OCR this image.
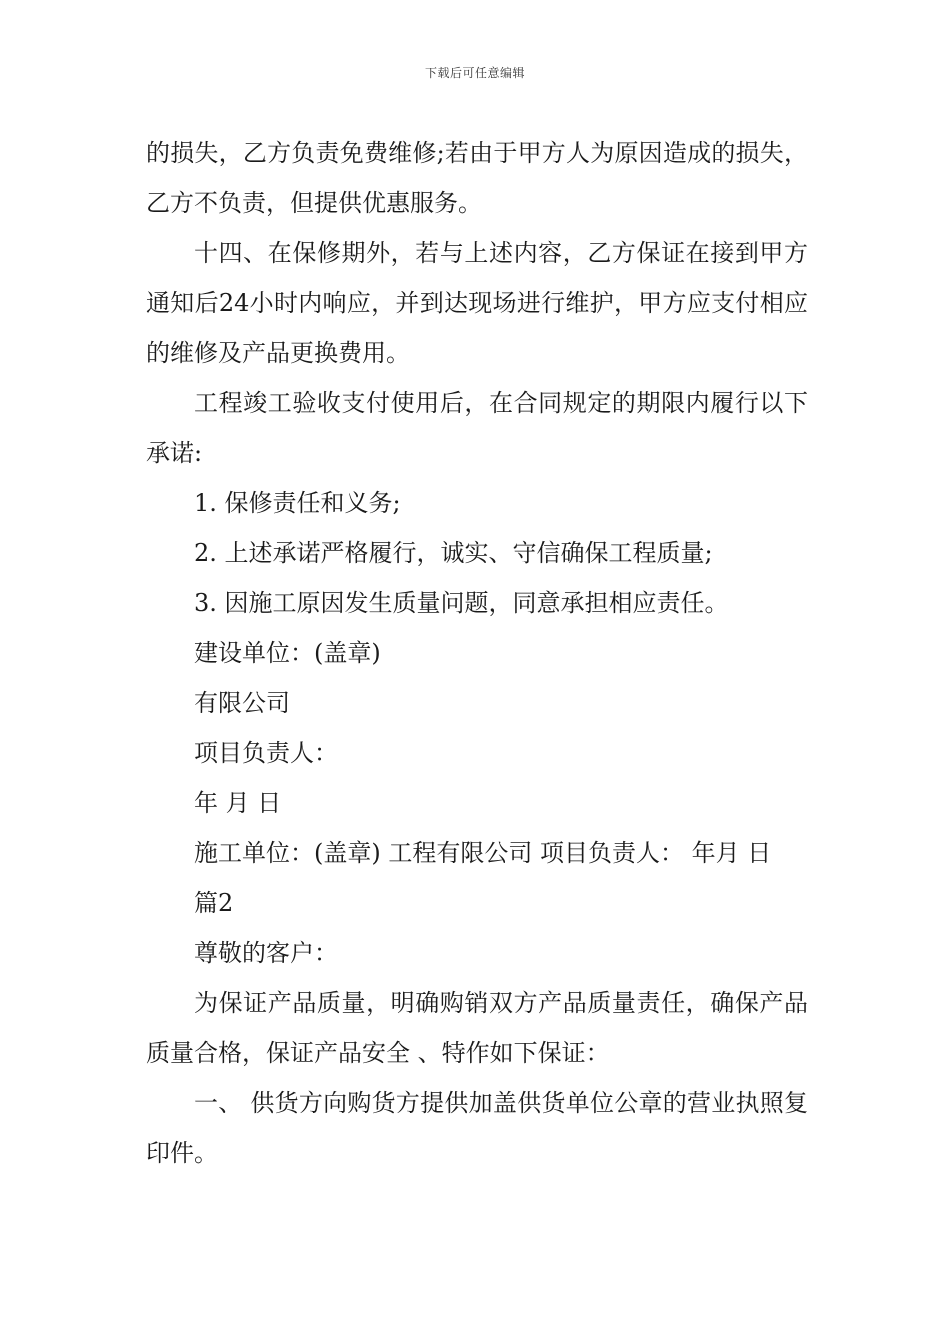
下载后可任意编辑

的损失，乙方负责免费维修;若由于甲方人为原因造成的损失，乙方不负责，但提供优惠服务。

十四、在保修期外，若与上述内容，乙方保证在接到甲方通知后24小时内响应，并到达现场进行维护，甲方应支付相应的维修及产品更换费用。

工程竣工验收支付使用后，在合同规定的期限内履行以下承诺:

1. 保修责任和义务;

2. 上述承诺严格履行，诚实、守信确保工程质量;

3. 因施工原因发生质量问题，同意承担相应责任。

建设单位：(盖章)

有限公司

项目负责人：

年 月 日

施工单位：(盖章) 工程有限公司 项目负责人： 年月 日

篇2

尊敬的客户：

为保证产品质量，明确购销双方产品质量责任，确保产品质量合格，保证产品安全 、特作如下保证：

一、 供货方向购货方提供加盖供货单位公章的营业执照复印件。
